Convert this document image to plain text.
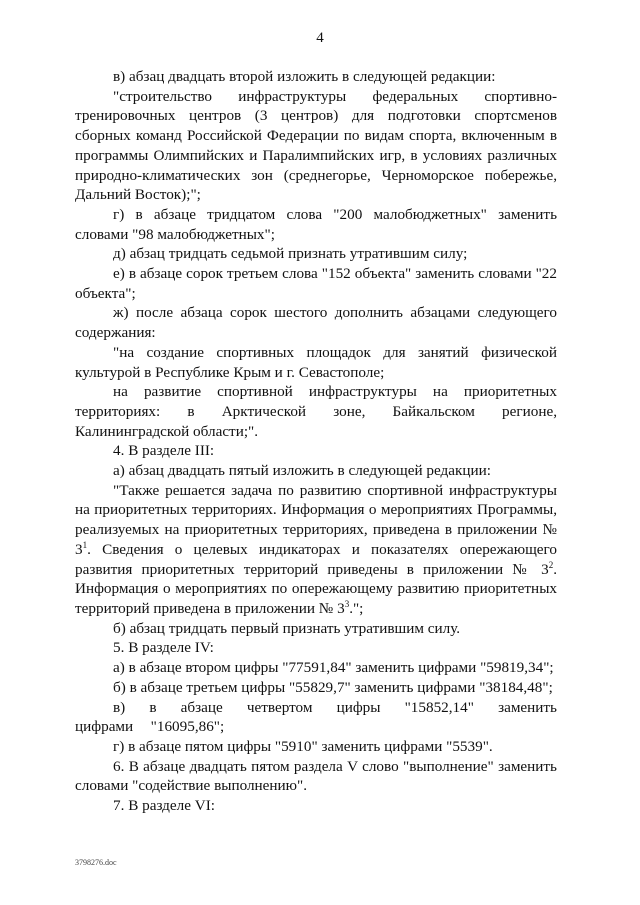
4

в) абзац двадцать второй изложить в следующей редакции:

"строительство инфраструктуры федеральных спортивно-тренировочных центров (3 центров) для подготовки спортсменов сборных команд Российской Федерации по видам спорта, включенным в программы Олимпийских и Паралимпийских игр, в условиях различных природно-климатических зон (среднегорье, Черноморское побережье, Дальний Восток);";

г) в абзаце тридцатом слова "200 малобюджетных" заменить словами "98 малобюджетных";

д) абзац тридцать седьмой признать утратившим силу;

е) в абзаце сорок третьем слова "152 объекта" заменить словами "22 объекта";

ж) после абзаца сорок шестого дополнить абзацами следующего содержания:

"на создание спортивных площадок для занятий физической культурой в Республике Крым и г. Севастополе;

на развитие спортивной инфраструктуры на приоритетных территориях: в Арктической зоне, Байкальском регионе, Калининградской области;".

4. В разделе III:

а) абзац двадцать пятый изложить в следующей редакции:

"Также решается задача по развитию спортивной инфраструктуры на приоритетных территориях. Информация о мероприятиях Программы, реализуемых на приоритетных территориях, приведена в приложении № $3^1$. Сведения о целевых индикаторах и показателях опережающего развития приоритетных территорий приведены в приложении № $3^2$. Информация о мероприятиях по опережающему развитию приоритетных территорий приведена в приложении № $3^3$.";

б) абзац тридцать первый признать утратившим силу.

5. В разделе IV:

а) в абзаце втором цифры "77591,84" заменить цифрами "59819,34";

б) в абзаце третьем цифры "55829,7" заменить цифрами "38184,48";

в) в абзаце четвертом цифры "15852,14" заменить цифрами "16095,86";

г) в абзаце пятом цифры "5910" заменить цифрами "5539".

6. В абзаце двадцать пятом раздела V слово "выполнение" заменить словами "содействие выполнению".

7. В разделе VI:

3798276.doc
